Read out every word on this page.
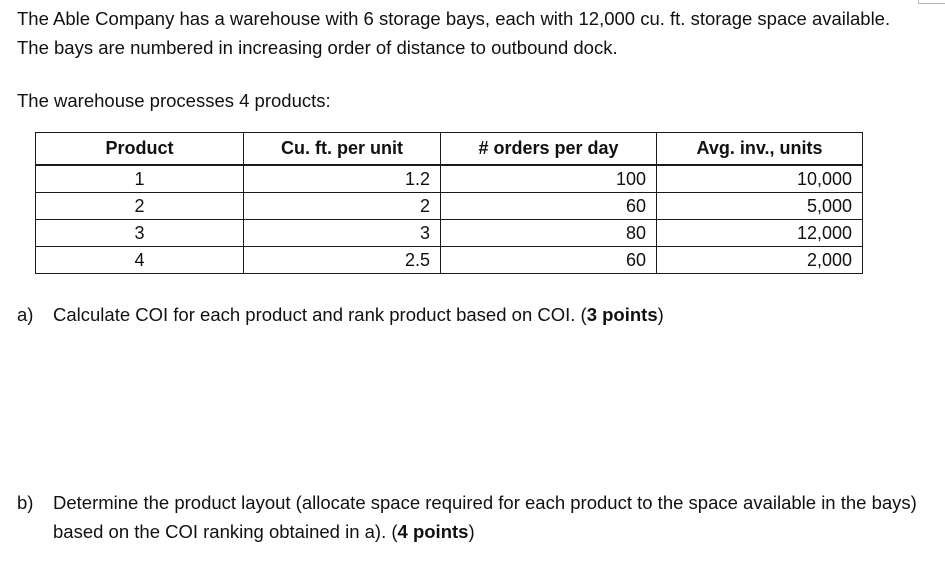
The Able Company has a warehouse with 6 storage bays, each with 12,000 cu. ft. storage space available. The bays are numbered in increasing order of distance to outbound dock.

The warehouse processes 4 products:

Product	Cu. ft. per unit	# orders per day	Avg. inv., units
1	1.2	100	10,000
2	2	60	5,000
3	3	80	12,000
4	2.5	60	2,000
a)	Calculate COI for each product and rank product based on COI. (3 points)
b)	Determine the product layout (allocate space required for each product to the space available in the bays) based on the COI ranking obtained in a). (4 points)
